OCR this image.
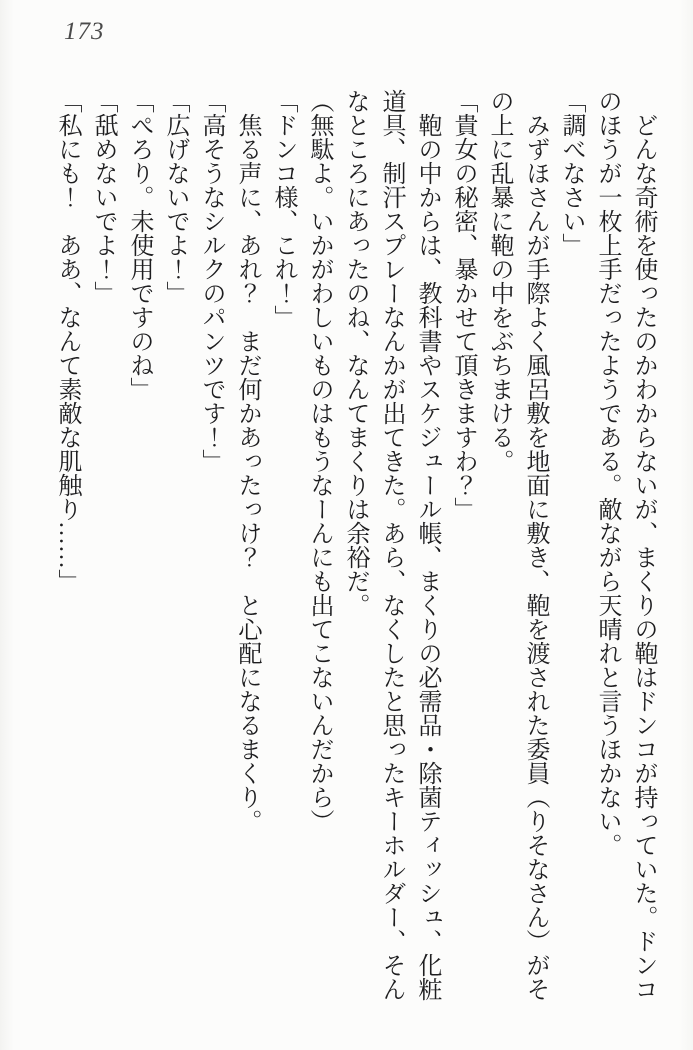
173

　どんな奇術を使ったのかわからないが、まくりの鞄はドンコが持っていた。ドンコ

のほうが一枚上手だったようである。敵ながら天晴れと言うほかない。

「調べなさい」

　みずほさんが手際よく風呂敷を地面に敷き、鞄を渡された委員（りそなさん）がそ

の上に乱暴に鞄の中をぶちまける。

「貴女の秘密、暴かせて頂きますわ？」

　鞄の中からは、教科書やスケジュール帳、まくりの必需品・除菌ティッシュ、化粧

道具、制汗スプレーなんかが出てきた。あら、なくしたと思ったキーホルダー、そん

なところにあったのね、なんてまくりは余裕だ。

（無駄よ。いかがわしいものはもうなーんにも出てこないんだから）

「ドンコ様、これ！」

　焦る声に、あれ？　まだ何かあったっけ？　と心配になるまくり。

「高そうなシルクのパンツです！」

「広げないでよ！」

「ぺろり。未使用ですのね」

「舐めないでよ！」

「私にも！　ああ、なんて素敵な肌触り……」
